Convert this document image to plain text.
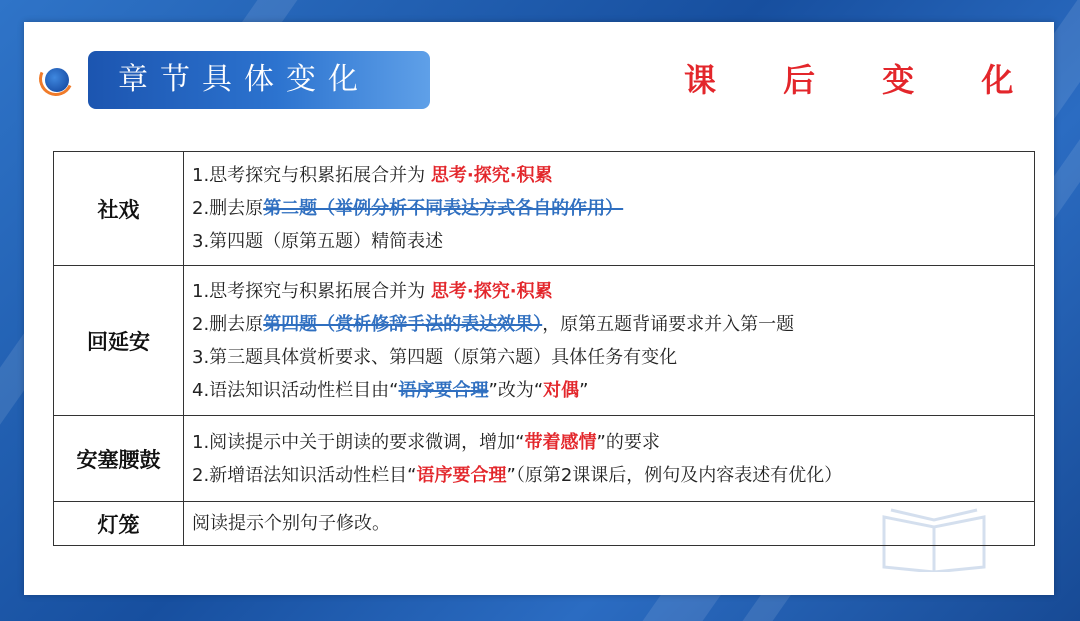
章节具体变化	课 后 变 化
社戏	1.思考探究与积累拓展合并为 思考·探究·积累
2.删去原第二题（举例分析不同表达方式各自的作用）
3.第四题（原第五题）精简表述

回延安	1.思考探究与积累拓展合并为 思考·探究·积累
2.删去原第四题（赏析修辞手法的表达效果），原第五题背诵要求并入第一题
3.第三题具体赏析要求、第四题（原第六题）具体任务有变化
4.语法知识活动性栏目由“语序要合理”改为“对偶”

安塞腰鼓	1.阅读提示中关于朗读的要求微调，增加“带着感情”的要求
2.新增语法知识活动性栏目“语序要合理”（原第2课课后，例句及内容表述有优化）

灯笼	阅读提示个别句子修改。
